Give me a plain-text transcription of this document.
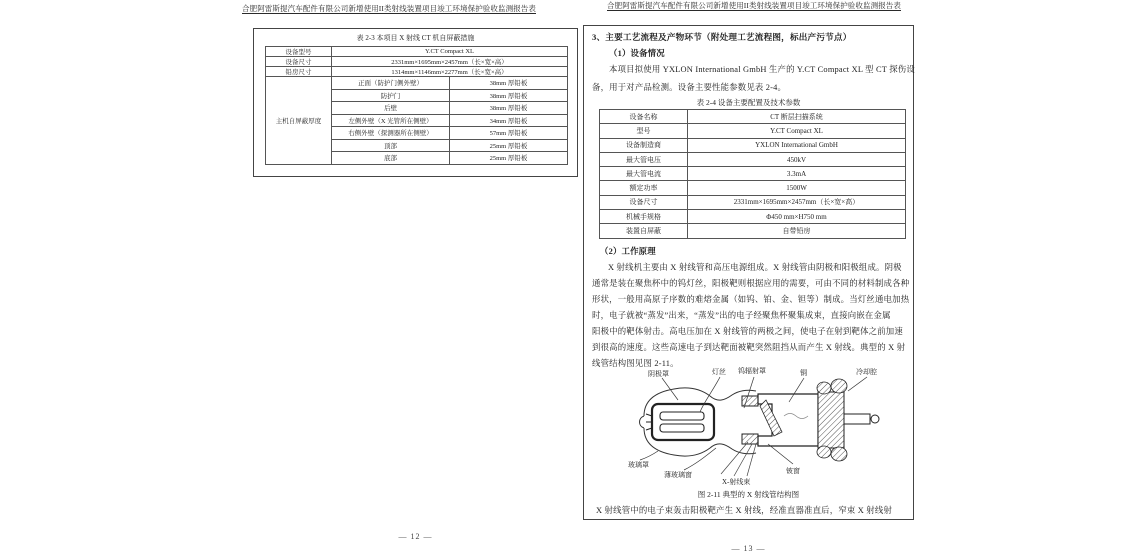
合肥阿雷斯提汽车配件有限公司新增使用II类射线装置项目竣工环境保护验收监测报告表
表 2-3 本项目 X 射线 CT 机自屏蔽措施
设备型号	Y.CT Compact XL	
设备尺寸	2331mm×1695mm×2457mm（长×宽×高）	
铅房尺寸	1314mm×1146mm×2277mm（长×宽×高）	
主机自屏蔽厚度	正面（防护门侧外壁）	38mm 厚铅板
	防护门	38mm 厚铅板
	后壁	38mm 厚铅板
	左侧外壁（X 光管所在侧壁）	34mm 厚铅板
	右侧外壁（探测器所在侧壁）	57mm 厚铅板
	顶部	25mm 厚铅板
	底部	25mm 厚铅板
— 12 —
合肥阿雷斯提汽车配件有限公司新增使用II类射线装置项目竣工环境保护验收监测报告表
3、主要工艺流程及产物环节（附处理工艺流程图，标出产污节点）
（1）设备情况
本项目拟使用 YXLON International GmbH 生产的 Y.CT Compact XL 型 CT 探伤设
备，用于对产品检测。设备主要性能参数见表 2-4。
表 2-4 设备主要配置及技术参数
设备名称	CT 断层扫描系统
型号	Y.CT Compact XL
设备制造商	YXLON International GmbH
最大管电压	450kV
最大管电流	3.3mA
额定功率	1500W
设备尺寸	2331mm×1695mm×2457mm（长×宽×高）
机械手规格	Φ450 mm×H750 mm
装置自屏蔽	自带铅房
（2）工作原理
X 射线机主要由 X 射线管和高压电源组成。X 射线管由阴极和阳极组成。阴极
通常是装在聚焦杯中的钨灯丝，阳极靶则根据应用的需要，可由不同的材料制成各种
形状，一般用高原子序数的难熔金属（如钨、铂、金、钽等）制成。当灯丝通电加热
时，电子就被“蒸发”出来，“蒸发”出的电子经聚焦杯聚集成束，直接向嵌在金属
阳极中的靶体射击。高电压加在 X 射线管的两极之间，使电子在射到靶体之前加速
到很高的速度。这些高速电子到达靶面被靶突然阻挡从而产生 X 射线。典型的 X 射
线管结构图见图 2-11。
阴极罩	灯丝 钨辐射罩	铜	冷却腔
玻璃罩
薄玻璃窗
X-射线束
铍窗
图 2-11 典型的 X 射线管结构图
X 射线管中的电子束轰击阳极靶产生 X 射线，经准直器准直后，窄束 X 射线射
— 13 —
